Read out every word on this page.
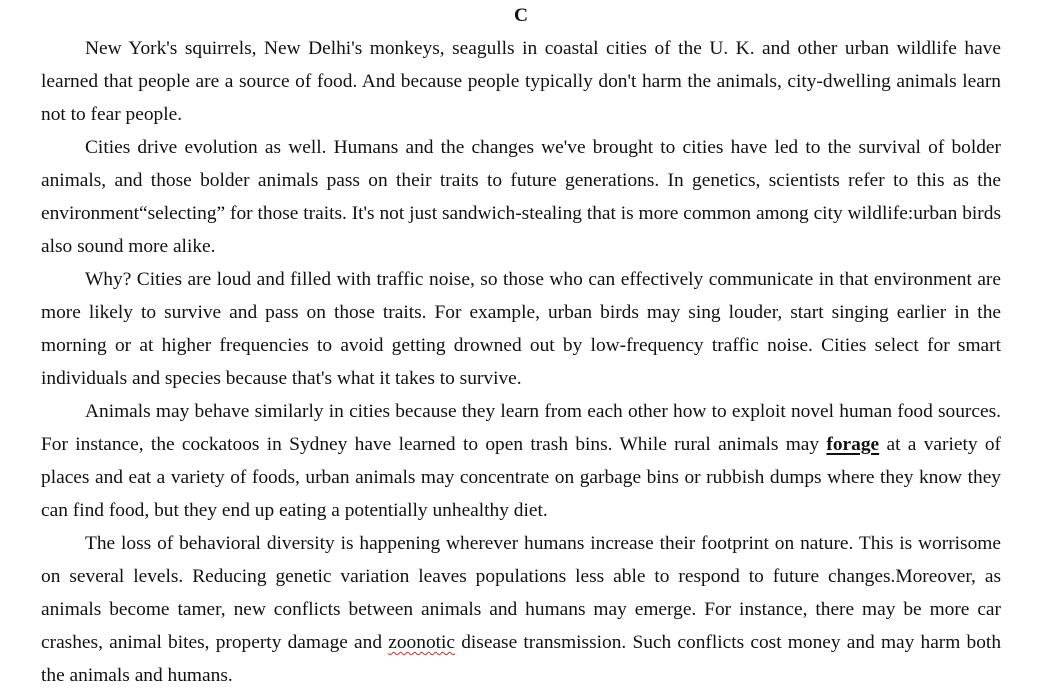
C

New York's squirrels, New Delhi's monkeys, seagulls in coastal cities of the U. K. and other urban wildlife have learned that people are a source of food. And because people typically don't harm the animals, city-dwelling animals learn not to fear people.

Cities drive evolution as well. Humans and the changes we've brought to cities have led to the survival of bolder animals, and those bolder animals pass on their traits to future generations. In genetics, scientists refer to this as the environment“selecting” for those traits. It's not just sandwich-stealing that is more common among city wildlife:urban birds also sound more alike.

Why? Cities are loud and filled with traffic noise, so those who can effectively communicate in that environment are more likely to survive and pass on those traits. For example, urban birds may sing louder, start singing earlier in the morning or at higher frequencies to avoid getting drowned out by low-frequency traffic noise. Cities select for smart individuals and species because that's what it takes to survive.

Animals may behave similarly in cities because they learn from each other how to exploit novel human food sources. For instance, the cockatoos in Sydney have learned to open trash bins. While rural animals may forage at a variety of places and eat a variety of foods, urban animals may concentrate on garbage bins or rubbish dumps where they know they can find food, but they end up eating a potentially unhealthy diet.

The loss of behavioral diversity is happening wherever humans increase their footprint on nature. This is worrisome on several levels. Reducing genetic variation leaves populations less able to respond to future changes.Moreover, as animals become tamer, new conflicts between animals and humans may emerge. For instance, there may be more car crashes, animal bites, property damage and zoonotic disease transmission. Such conflicts cost money and may harm both the animals and humans.
